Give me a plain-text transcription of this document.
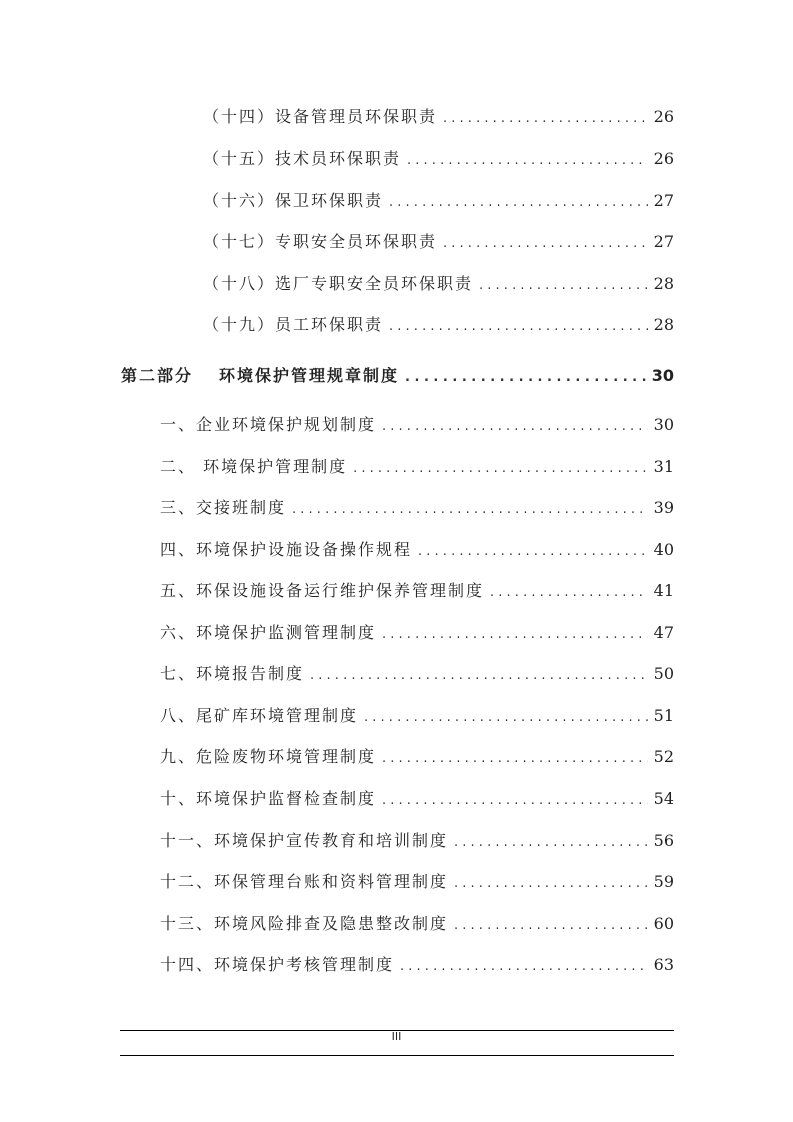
（十四）设备管理员环保职责 . . .	26
（十五）技术员环保职责 . . .	26
（十六）保卫环保职责 . . .	27
（十七）专职安全员环保职责 . . .	27
（十八）选厂专职安全员环保职责 . . .	28
（十九）员工环保职责 . . .	28
第二部分 环境保护管理规章制度 . . .	30
一、企业环境保护规划制度 . . .	30
二、 环境保护管理制度 . . .	31
三、交接班制度 . . .	39
四、环境保护设施设备操作规程 . . .	40
五、环保设施设备运行维护保养管理制度 . . .	41
六、环境保护监测管理制度 . . .	47
七、环境报告制度 . . .	50
八、尾矿库环境管理制度 . . .	51
九、危险废物环境管理制度 . . .	52
十、环境保护监督检查制度 . . .	54
十一、环境保护宣传教育和培训制度 . . .	56
十二、环保管理台账和资料管理制度 . . .	59
十三、环境风险排查及隐患整改制度 . . .	60
十四、环境保护考核管理制度 . . .	63
III
